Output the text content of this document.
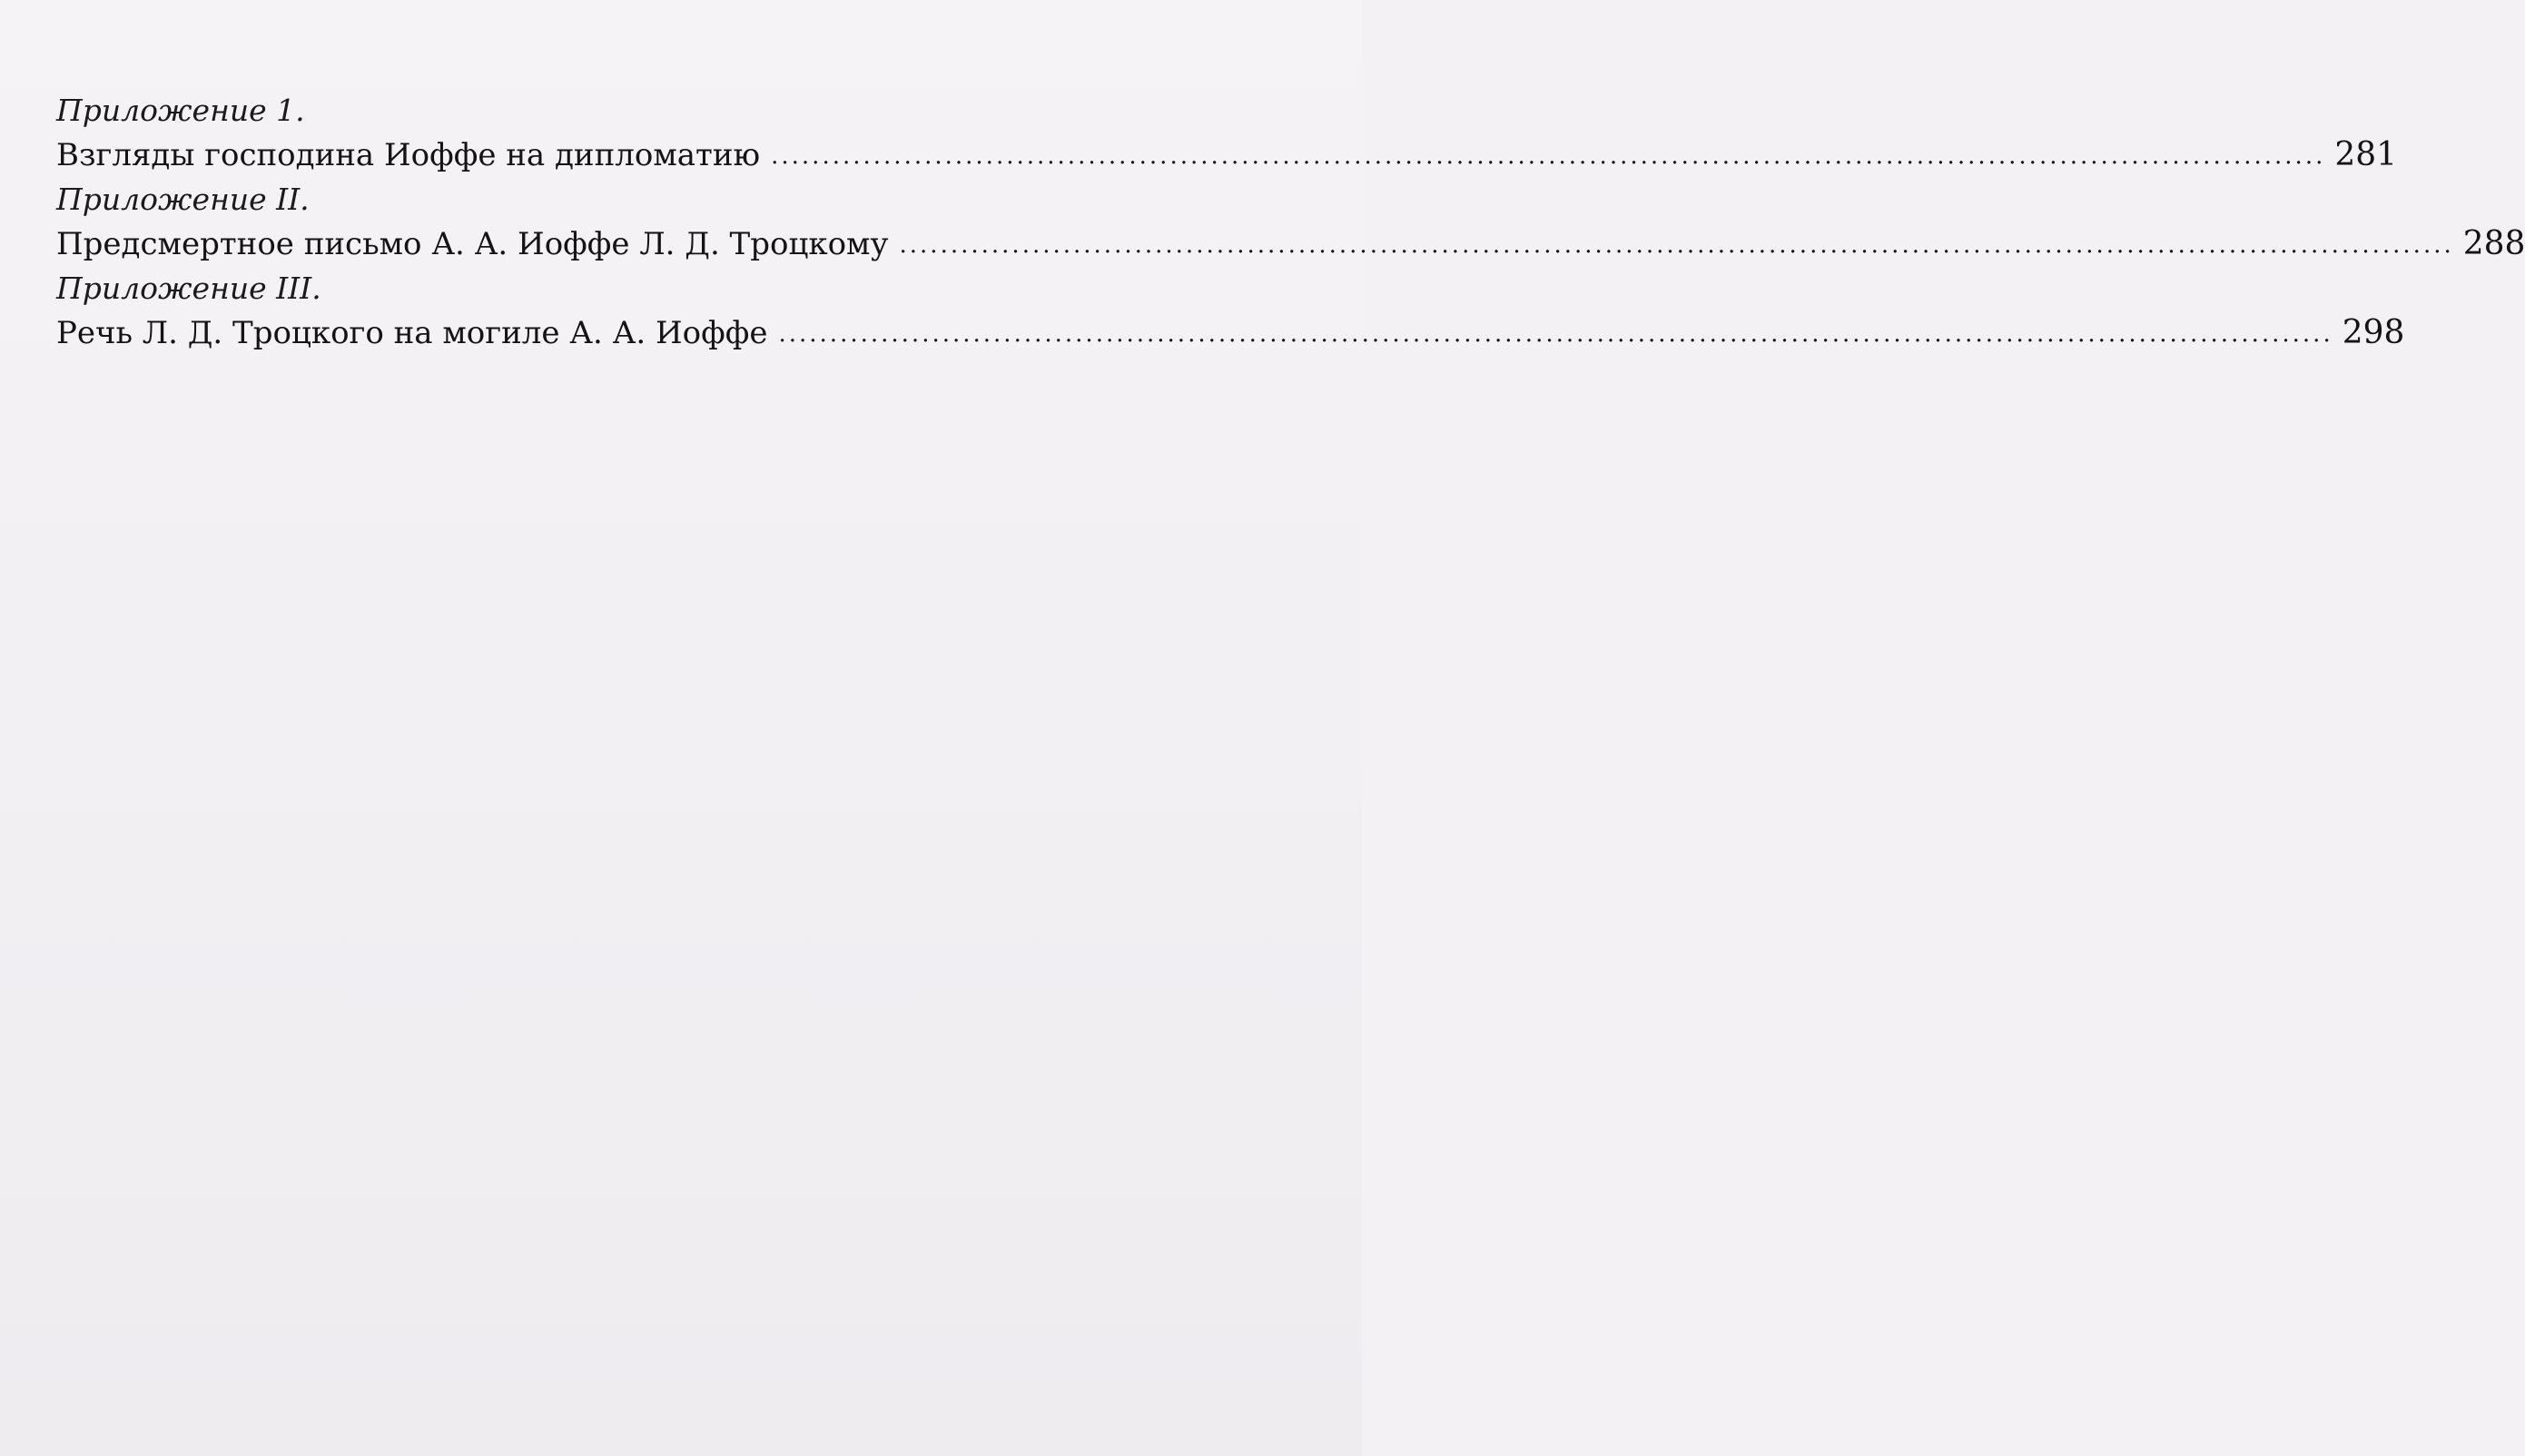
Приложение 1.
Взгляды господина Иоффе на дипломатию ........................................................................................................................................................ 281
Приложение II.
Предсмертное письмо А. А. Иоффе Л. Д. Троцкому ........................................................................................................................................................ 288
Приложение III.
Речь Л. Д. Троцкого на могиле А. А. Иоффе ........................................................................................................................................................ 298
